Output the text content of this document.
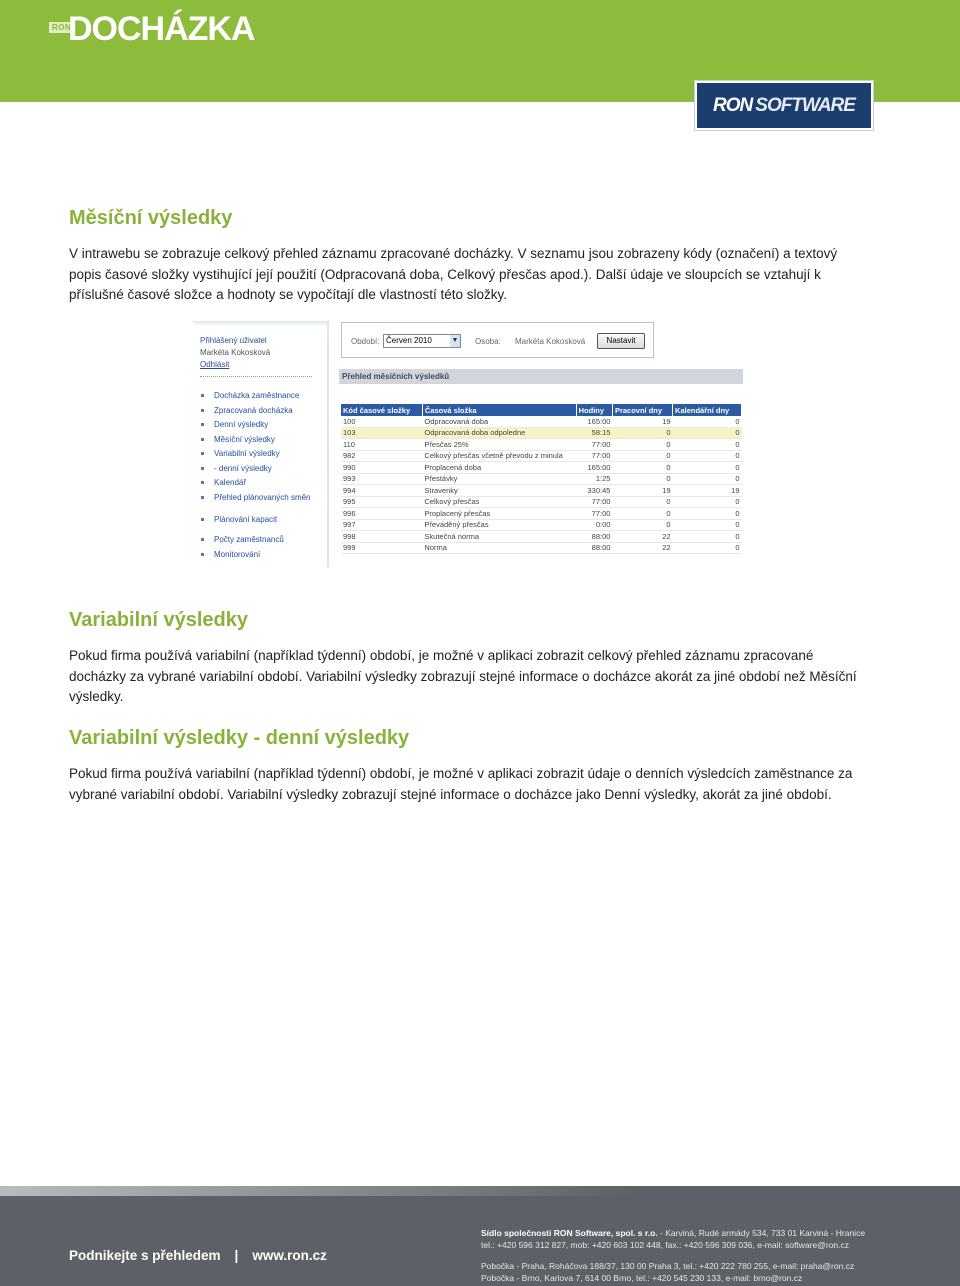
RON
DOCHÁZKA
RON SOFTWARE
Měsíční výsledky

V intrawebu se zobrazuje celkový přehled záznamu zpracované docházky. V seznamu jsou zobrazeny kódy (označení) a textový popis časové složky vystihující její použití (Odpracovaná doba, Celkový přesčas apod.). Další údaje ve sloupcích se vztahují k příslušné časové složce a hodnoty se vypočítají dle vlastností této složky.

Přihlášený uživatel
Markéta Kokosková
Odhlásit
Docházka zaměstnance
Zpracovaná docházka
Denní výsledky
Měsíční výsledky
Variabilní výsledky
- denní výsledky
Kalendář
Přehled plánovaných směn
Plánování kapacit
Počty zaměstnanců
Monitorování
Období: Červen 2010	▼ Osoba: Markéta Kokosková	Nastavit
Přehled měsíčních výsledků
Kód časové složky	Časová složka	Hodiny	Pracovní dny	Kalendářní dny
100	Odpracovaná doba	165:00	19	0
103	Odpracovaná doba odpoledne	58:15	0	0
110	Přesčas 25%	77:00	0	0
982	Celkový přesčas včetně převodu z minula	77:00	0	0
990	Proplacená doba	165:00	0	0
993	Přestávky	1:25	0	0
994	Stravenky	330:45	19	19
995	Celkový přesčas	77:00	0	0
996	Proplacený přesčas	77:00	0	0
997	Převáděný přesčas	0:00	0	0
998	Skutečná norma	88:00	22	0
999	Norma	88:00	22	0
Variabilní výsledky

Pokud firma používá variabilní (například týdenní) období, je možné v aplikaci zobrazit celkový přehled záznamu zpracované docházky za vybrané variabilní období. Variabilní výsledky zobrazují stejné informace o docházce akorát za jiné období než Měsíční výsledky.

Variabilní výsledky - denní výsledky

Pokud firma používá variabilní (například týdenní) období, je možné v aplikaci zobrazit údaje o denních výsledcích zaměstnance za vybrané variabilní období. Variabilní výsledky zobrazují stejné informace o docházce jako Denní výsledky, akorát za jiné období.

Podnikejte s přehledem | www.ron.cz
Sídlo společnosti RON Software, spol. s r.o. - Karviná, Rudé armády 534, 733 01 Karviná - Hranice
tel.: +420 596 312 827, mob: +420 603 102 448, fax.: +420 596 309 036, e-mail: software@ron.cz
Pobočka - Praha, Roháčova 188/37, 130 00 Praha 3, tel.: +420 222 780 255, e-mail: praha@ron.cz
Pobočka - Brno, Karlova 7, 614 00 Brno, tel.: +420 545 230 133, e-mail: brno@ron.cz
